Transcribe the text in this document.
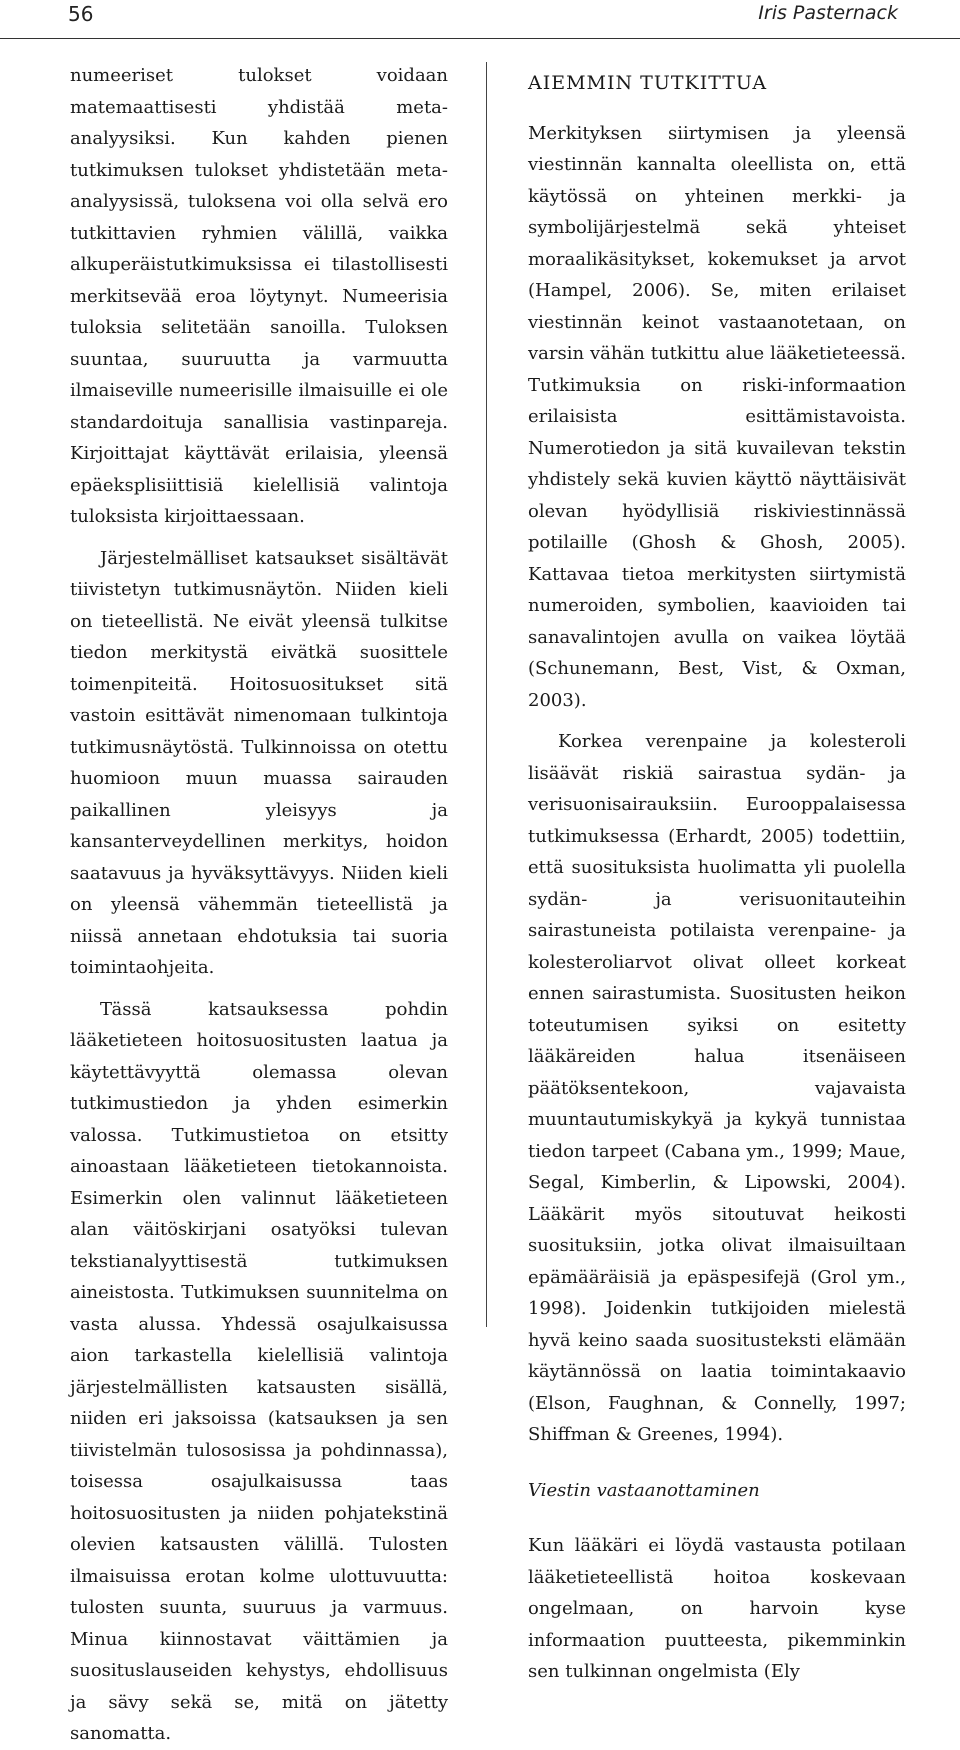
56	Iris Pasternack

numeeriset tulokset voidaan matemaattisesti yhdistää meta-analyysiksi. Kun kahden pienen tutkimuksen tulokset yhdistetään meta-analyysissä, tuloksena voi olla selvä ero tutkittavien ryhmien välillä, vaikka alkuperäistutkimuksissa ei tilastollisesti merkitsevää eroa löytynyt. Numeerisia tuloksia selitetään sanoilla. Tuloksen suuntaa, suuruutta ja varmuutta ilmaiseville numeerisille ilmaisuille ei ole standardoituja sanallisia vastinpareja. Kirjoittajat käyttävät erilaisia, yleensä epäeksplisiittisiä kielellisiä valintoja tuloksista kirjoittaessaan.

Järjestelmälliset katsaukset sisältävät tiivistetyn tutkimusnäytön. Niiden kieli on tieteellistä. Ne eivät yleensä tulkitse tiedon merkitystä eivätkä suosittele toimenpiteitä. Hoitosuositukset sitä vastoin esittävät nimenomaan tulkintoja tutkimusnäytöstä. Tulkinnoissa on otettu huomioon muun muassa sairauden paikallinen yleisyys ja kansanterveydellinen merkitys, hoidon saatavuus ja hyväksyttävyys. Niiden kieli on yleensä vähemmän tieteellistä ja niissä annetaan ehdotuksia tai suoria toimintaohjeita.

Tässä katsauksessa pohdin lääketieteen hoitosuositusten laatua ja käytettävyyttä olemassa olevan tutkimustiedon ja yhden esimerkin valossa. Tutkimustietoa on etsitty ainoastaan lääketieteen tietokannoista. Esimerkin olen valinnut lääketieteen alan väitöskirjani osatyöksi tulevan tekstianalyyttisestä tutkimuksen aineistosta. Tutkimuksen suunnitelma on vasta alussa. Yhdessä osajulkaisussa aion tarkastella kielellisiä valintoja järjestelmällisten katsausten sisällä, niiden eri jaksoissa (katsauksen ja sen tiivistelmän tulososissa ja pohdinnassa), toisessa osajulkaisussa taas hoitosuositusten ja niiden pohjatekstinä olevien katsausten välillä. Tulosten ilmaisuissa erotan kolme ulottuvuutta: tulosten suunta, suuruus ja varmuus. Minua kiinnostavat väittämien ja suosituslauseiden kehystys, ehdollisuus ja sävy sekä se, mitä on jätetty sanomatta.

AIEMMIN TUTKITTUA

Merkityksen siirtymisen ja yleensä viestinnän kannalta oleellista on, että käytössä on yhteinen merkki- ja symbolijärjestelmä sekä yhteiset moraalikäsitykset, kokemukset ja arvot (Hampel, 2006). Se, miten erilaiset viestinnän keinot vastaanotetaan, on varsin vähän tutkittu alue lääketieteessä. Tutkimuksia on riski-informaation erilaisista esittämistavoista. Numerotiedon ja sitä kuvailevan tekstin yhdistely sekä kuvien käyttö näyttäisivät olevan hyödyllisiä riskiviestinnässä potilaille (Ghosh & Ghosh, 2005). Kattavaa tietoa merkitysten siirtymistä numeroiden, symbolien, kaavioiden tai sanavalintojen avulla on vaikea löytää (Schunemann, Best, Vist, & Oxman, 2003).

Korkea verenpaine ja kolesteroli lisäävät riskiä sairastua sydän- ja verisuonisairauksiin. Eurooppalaisessa tutkimuksessa (Erhardt, 2005) todettiin, että suosituksista huolimatta yli puolella sydän- ja verisuonitauteihin sairastuneista potilaista verenpaine- ja kolesteroliarvot olivat olleet korkeat ennen sairastumista. Suositusten heikon toteutumisen syiksi on esitetty lääkäreiden halua itsenäiseen päätöksentekoon, vajavaista muuntautumiskykyä ja kykyä tunnistaa tiedon tarpeet (Cabana ym., 1999; Maue, Segal, Kimberlin, & Lipowski, 2004). Lääkärit myös sitoutuvat heikosti suosituksiin, jotka olivat ilmaisuiltaan epämääräisiä ja epäspesifejä (Grol ym., 1998). Joidenkin tutkijoiden mielestä hyvä keino saada suositusteksti elämään käytännössä on laatia toimintakaavio (Elson, Faughnan, & Connelly, 1997; Shiffman & Greenes, 1994).

Viestin vastaanottaminen

Kun lääkäri ei löydä vastausta potilaan lääketieteellistä hoitoa koskevaan ongelmaan, on harvoin kyse informaation puutteesta, pikemminkin sen tulkinnan ongelmista (Ely
